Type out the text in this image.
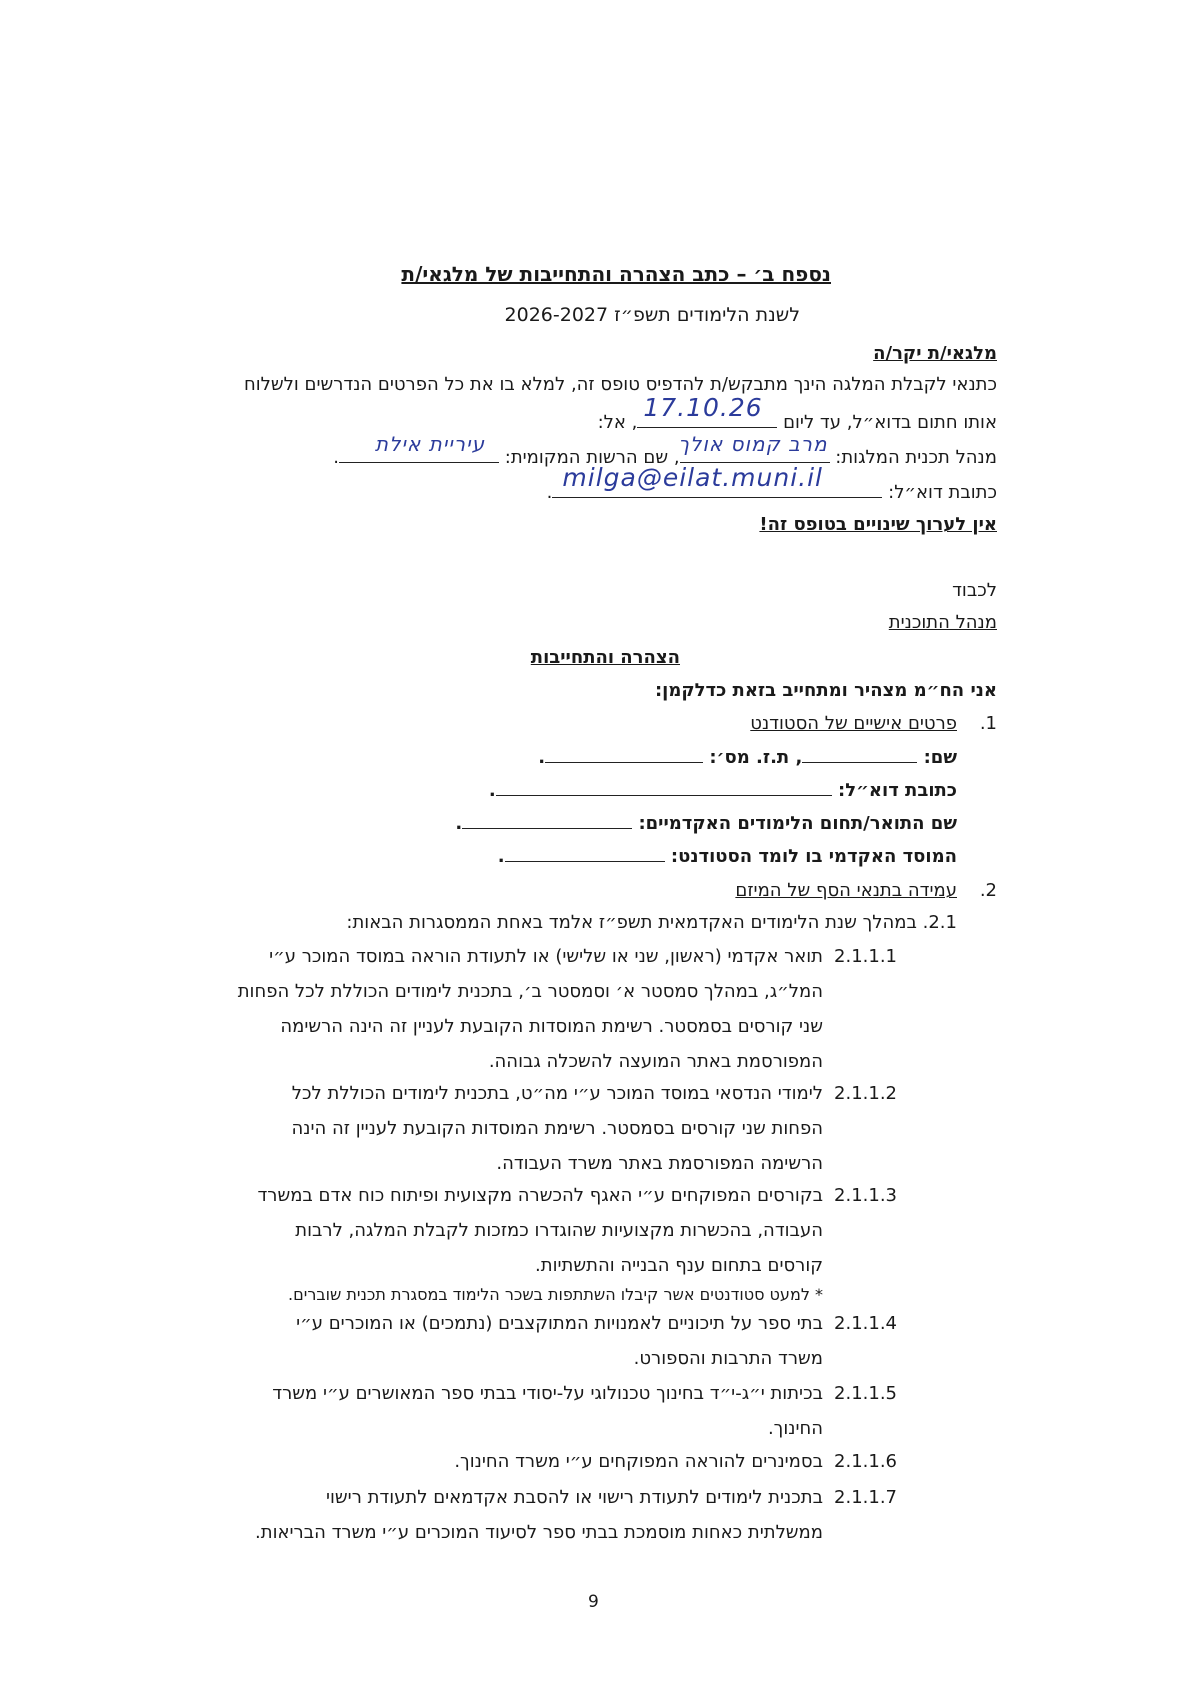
נספח ב׳ – כתב הצהרה והתחייבות של מלגאי/ת
לשנת הלימודים תשפ״ז 2026-2027
מלגאי/ת יקר/ה
כתנאי לקבלת המלגה הינך מתבקש/ת להדפיס טופס זה, למלא בו את כל הפרטים הנדרשים ולשלוח
אותו חתום בדוא״ל, עד ליום
17.10.26
, אל:
מנהל תכנית המלגות:
מרב קמוס אולך
, שם הרשות המקומית:
עיריית אילת
.
כתובת דוא״ל:
milga@eilat.muni.il
.
אין לערוך שינויים בטופס זה!
לכבוד
מנהל התוכנית
הצהרה והתחייבות
אני הח״מ מצהיר ומתחייב בזאת כדלקמן:
1.
פרטים אישיים של הסטודנט
שם: , ת.ז. מס׳: .
כתובת דוא״ל: .
שם התואר/תחום הלימודים האקדמיים: .
המוסד האקדמי בו לומד הסטודנט: .
2.
עמידה בתנאי הסף של המיזם
2.1. במהלך שנת הלימודים האקדמאית תשפ״ז אלמד באחת הממסגרות הבאות:
2.1.1.1
תואר אקדמי (ראשון, שני או שלישי) או לתעודת הוראה במוסד המוכר ע״י
המל״ג, במהלך סמסטר א׳ וסמסטר ב׳, בתכנית לימודים הכוללת לכל הפחות
שני קורסים בסמסטר. רשימת המוסדות הקובעת לעניין זה הינה הרשימה
המפורסמת באתר המועצה להשכלה גבוהה.
2.1.1.2
לימודי הנדסאי במוסד המוכר ע״י מה״ט, בתכנית לימודים הכוללת לכל
הפחות שני קורסים בסמסטר. רשימת המוסדות הקובעת לעניין זה הינה
הרשימה המפורסמת באתר משרד העבודה.
2.1.1.3
בקורסים המפוקחים ע״י האגף להכשרה מקצועית ופיתוח כוח אדם במשרד
העבודה, בהכשרות מקצועיות שהוגדרו כמזכות לקבלת המלגה, לרבות
קורסים בתחום ענף הבנייה והתשתיות.
* למעט סטודנטים אשר קיבלו השתתפות בשכר הלימוד במסגרת תכנית שוברים.
2.1.1.4
בתי ספר על תיכוניים לאמנויות המתוקצבים (נתמכים) או המוכרים ע״י
משרד התרבות והספורט.
2.1.1.5
בכיתות י״ג-י״ד בחינוך טכנולוגי על-יסודי בבתי ספר המאושרים ע״י משרד
החינוך.
2.1.1.6
בסמינרים להוראה המפוקחים ע״י משרד החינוך.
2.1.1.7
בתכנית לימודים לתעודת רישוי או להסבת אקדמאים לתעודת רישוי
ממשלתית כאחות מוסמכת בבתי ספר לסיעוד המוכרים ע״י משרד הבריאות.
9
